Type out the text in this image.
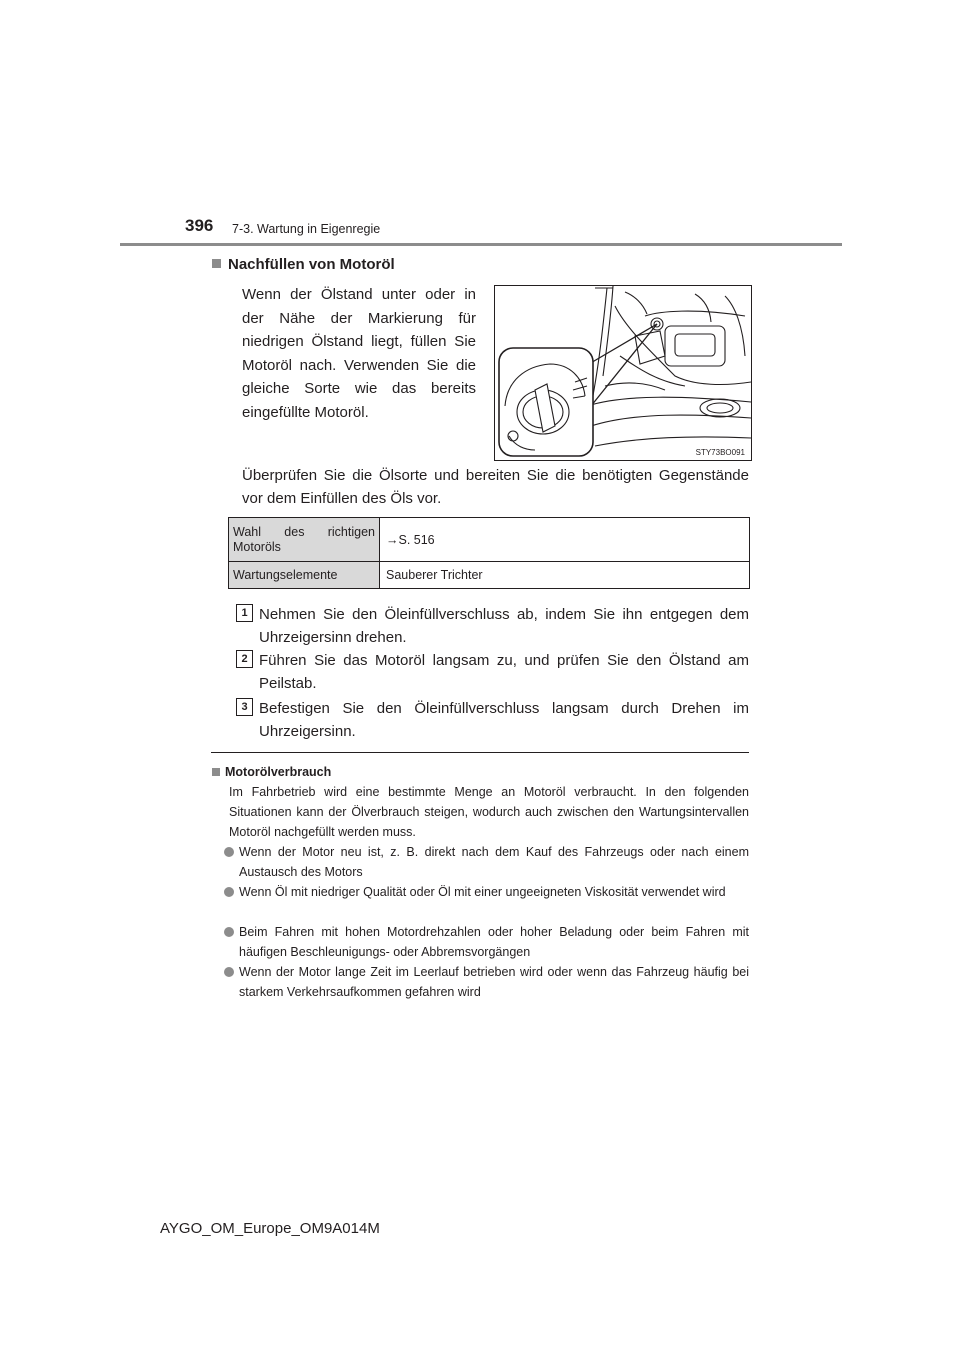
396 7-3. Wartung in Eigenregie
Nachfüllen von Motoröl
Wenn der Ölstand unter oder in der Nähe der Markierung für niedrigen Ölstand liegt, füllen Sie Motoröl nach. Verwenden Sie die gleiche Sorte wie das bereits eingefüllte Motoröl.
STY73BO091
Überprüfen Sie die Ölsorte und bereiten Sie die benötigten Gegenstände vor dem Einfüllen des Öls vor.
Wahl des richtigen Motoröls	→S. 516
Wartungselemente	Sauberer Trichter
1 Nehmen Sie den Öleinfüllverschluss ab, indem Sie ihn entgegen dem Uhrzeigersinn drehen.
2 Führen Sie das Motoröl langsam zu, und prüfen Sie den Ölstand am Peilstab.
3 Befestigen Sie den Öleinfüllverschluss langsam durch Drehen im Uhrzeigersinn.
Motorölverbrauch
Im Fahrbetrieb wird eine bestimmte Menge an Motoröl verbraucht. In den folgenden Situationen kann der Ölverbrauch steigen, wodurch auch zwischen den Wartungsintervallen Motoröl nachgefüllt werden muss.
Wenn der Motor neu ist, z. B. direkt nach dem Kauf des Fahrzeugs oder nach einem Austausch des Motors
Wenn Öl mit niedriger Qualität oder Öl mit einer ungeeigneten Viskosität verwendet wird
Beim Fahren mit hohen Motordrehzahlen oder hoher Beladung oder beim Fahren mit häufigen Beschleunigungs- oder Abbremsvorgängen
Wenn der Motor lange Zeit im Leerlauf betrieben wird oder wenn das Fahrzeug häufig bei starkem Verkehrsaufkommen gefahren wird
AYGO_OM_Europe_OM9A014M
